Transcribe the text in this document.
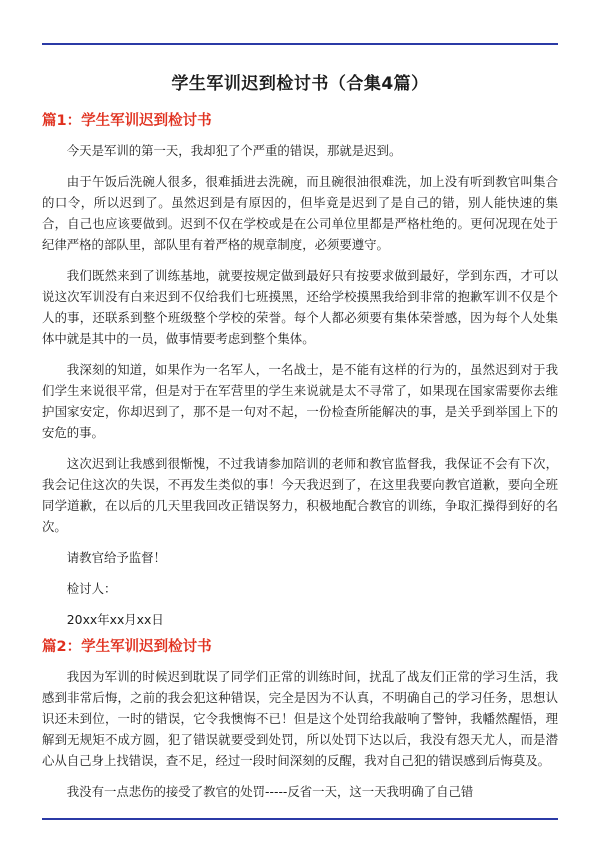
学生军训迟到检讨书（合集4篇）
篇1：学生军训迟到检讨书

今天是军训的第一天，我却犯了个严重的错误，那就是迟到。

由于午饭后洗碗人很多，很难插进去洗碗，而且碗很油很难洗，加上没有听到教官叫集合的口令，所以迟到了。虽然迟到是有原因的，但毕竟是迟到了是自己的错，别人能快速的集合，自己也应该要做到。迟到不仅在学校或是在公司单位里都是严格杜绝的。更何况现在处于纪律严格的部队里，部队里有着严格的规章制度，必须要遵守。

我们既然来到了训练基地，就要按规定做到最好只有按要求做到最好，学到东西，才可以说这次军训没有白来迟到不仅给我们七班摸黑，还给学校摸黑我给到非常的抱歉军训不仅是个人的事，还联系到整个班级整个学校的荣誉。每个人都必须要有集体荣誉感，因为每个人处集体中就是其中的一员，做事情要考虑到整个集体。

我深刻的知道，如果作为一名军人，一名战士，是不能有这样的行为的，虽然迟到对于我们学生来说很平常，但是对于在军营里的学生来说就是太不寻常了，如果现在国家需要你去维护国家安定，你却迟到了，那不是一句对不起，一份检查所能解决的事，是关乎到举国上下的安危的事。

这次迟到让我感到很惭愧，不过我请参加陪训的老师和教官监督我，我保证不会有下次，我会记住这次的失误，不再发生类似的事！今天我迟到了，在这里我要向教官道歉，要向全班同学道歉，在以后的几天里我回改正错误努力，积极地配合教官的训练，争取汇操得到好的名次。

请教官给予监督！
检讨人：
20xx年xx月xx日
篇2：学生军训迟到检讨书

我因为军训的时候迟到耽误了同学们正常的训练时间，扰乱了战友们正常的学习生活，我感到非常后悔，之前的我会犯这种错误，完全是因为不认真，不明确自己的学习任务，思想认识还未到位，一时的错误，它令我懊悔不已！但是这个处罚给我敲响了警钟，我幡然醒悟，理解到无规矩不成方圆，犯了错误就要受到处罚，所以处罚下达以后，我没有怨天尤人，而是潜心从自己身上找错误，查不足，经过一段时间深刻的反醒，我对自己犯的错误感到后悔莫及。

我没有一点悲伤的接受了教官的处罚-----反省一天，这一天我明确了自己错
